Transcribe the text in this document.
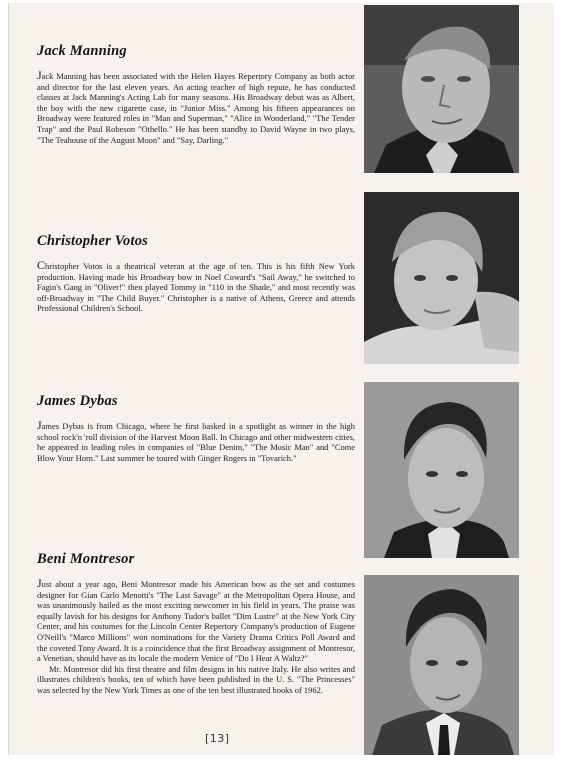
Jack Manning

Jack Manning has been associated with the Helen Hayes Repertory Company as both actor and director for the last eleven years. An acting teacher of high repute, he has conducted classes at Jack Manning's Acting Lab for many seasons. His Broadway debut was as Albert, the boy with the new cigarette case, in "Junior Miss." Among his fifteen appearances on Broadway were featured roles in "Man and Superman," "Alice in Wonderland," "The Tender Trap" and the Paul Robeson "Othello." He has been standby to David Wayne in two plays, "The Teahouse of the August Moon" and "Say, Darling."

Christopher Votos

Christopher Votos is a theatrical veteran at the age of ten. This is his fifth New York production. Having made his Broadway bow in Noel Coward's "Sail Away," he switched to Fagin's Gang in "Oliver!" then played Tommy in "110 in the Shade," and most recently was off-Broadway in "The Child Buyer." Christopher is a native of Athens, Greece and attends Professional Children's School.

James Dybas

James Dybas is from Chicago, where he first basked in a spotlight as winner in the high school rock'n 'roll division of the Harvest Moon Ball. In Chicago and other midwestern cities, he appeared in leading roles in companies of "Blue Denim," "The Music Man" and "Come Blow Your Horn." Last summer he toured with Ginger Rogers in "Tovarich."

Beni Montresor

Just about a year ago, Beni Montresor made his American bow as the set and costumes designer for Gian Carlo Menotti's "The Last Savage" at the Metropolitan Opera House, and was unanimously hailed as the most exciting newcomer in his field in years. The praise was equally lavish for his designs for Anthony Tudor's ballet "Dim Lustre" at the New York City Center, and his costumes for the Lincoln Center Repertory Company's production of Eugene O'Neill's "Marco Millions" won nominations for the Variety Drama Critics Poll Award and the coveted Tony Award. It is a coincidence that the first Broadway assignment of Montresor, a Venetian, should have as its locale the modern Venice of "Do I Hear A Waltz?"

Mr. Montresor did his first theatre and film designs in his native Italy. He also writes and illustrates children's books, ten of which have been published in the U. S. "The Princesses" was selected by the New York Times as one of the ten best illustrated books of 1962.

[13]
